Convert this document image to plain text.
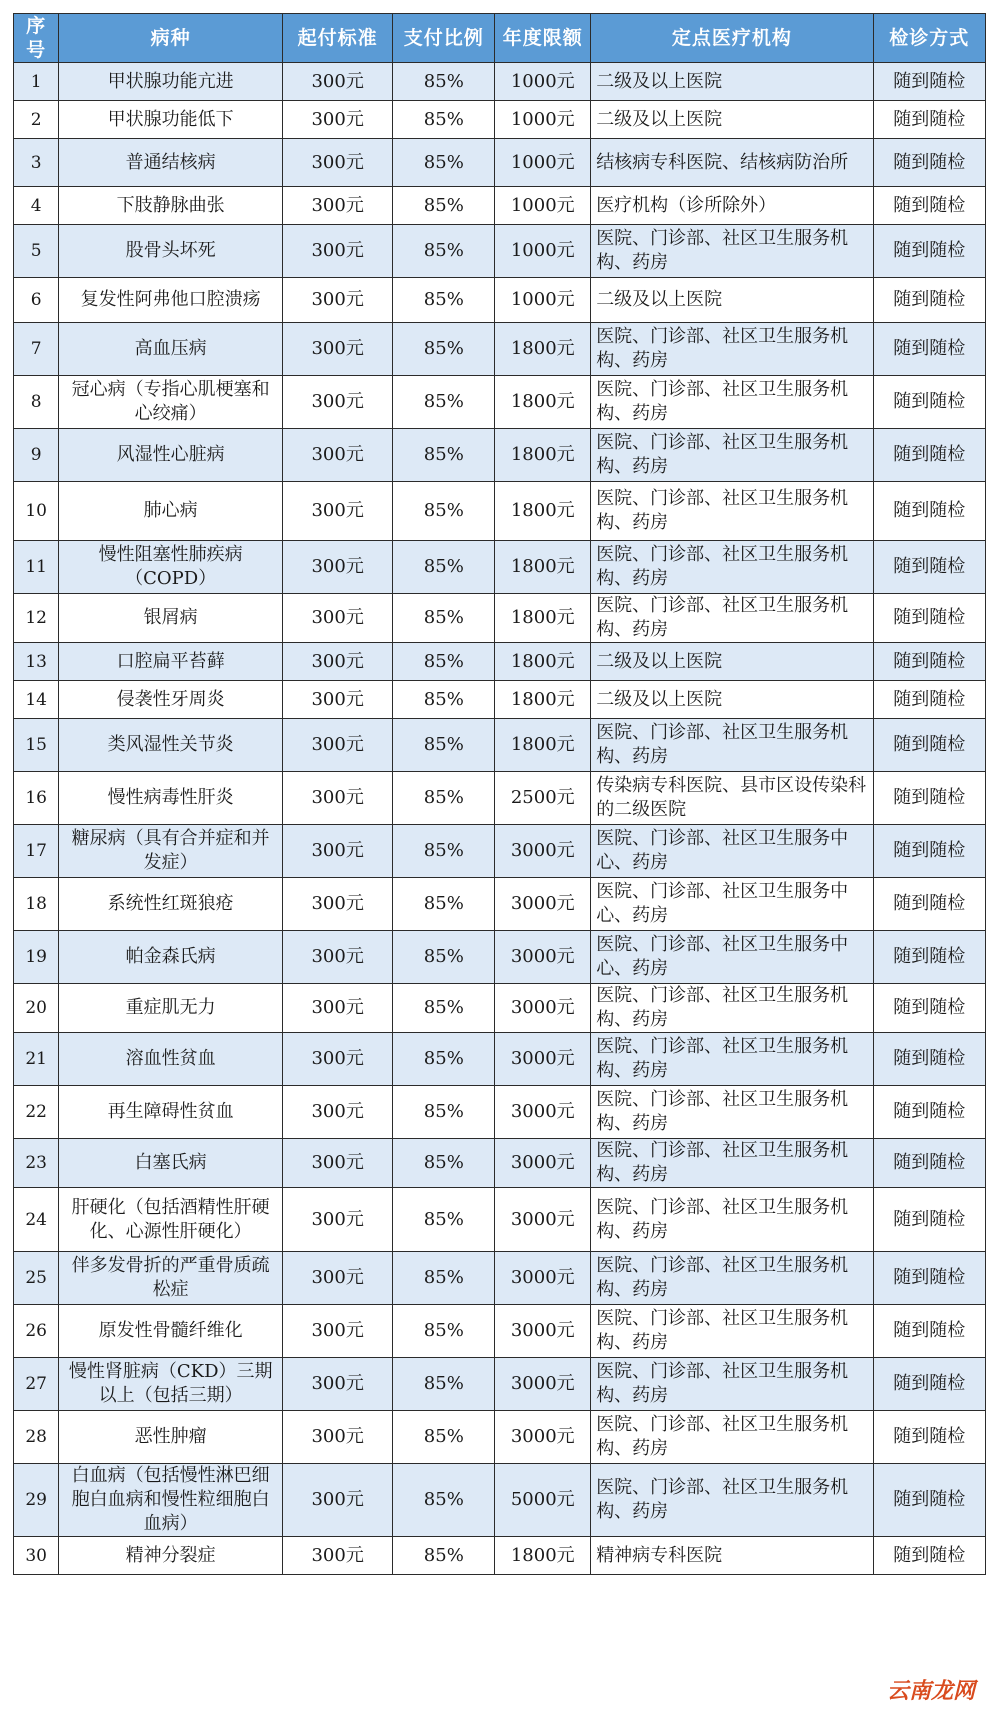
序号	病种	起付标准	支付比例	年度限额	定点医疗机构	检诊方式
1	甲状腺功能亢进	300元	85%	1000元	二级及以上医院	随到随检
2	甲状腺功能低下	300元	85%	1000元	二级及以上医院	随到随检
3	普通结核病	300元	85%	1000元	结核病专科医院、结核病防治所	随到随检
4	下肢静脉曲张	300元	85%	1000元	医疗机构（诊所除外）	随到随检
5	股骨头坏死	300元	85%	1000元	医院、门诊部、社区卫生服务机构、药房	随到随检
6	复发性阿弗他口腔溃疡	300元	85%	1000元	二级及以上医院	随到随检
7	高血压病	300元	85%	1800元	医院、门诊部、社区卫生服务机构、药房	随到随检
8	冠心病（专指心肌梗塞和心绞痛）	300元	85%	1800元	医院、门诊部、社区卫生服务机构、药房	随到随检
9	风湿性心脏病	300元	85%	1800元	医院、门诊部、社区卫生服务机构、药房	随到随检
10	肺心病	300元	85%	1800元	医院、门诊部、社区卫生服务机构、药房	随到随检
11	慢性阻塞性肺疾病（COPD）	300元	85%	1800元	医院、门诊部、社区卫生服务机构、药房	随到随检
12	银屑病	300元	85%	1800元	医院、门诊部、社区卫生服务机构、药房	随到随检
13	口腔扁平苔藓	300元	85%	1800元	二级及以上医院	随到随检
14	侵袭性牙周炎	300元	85%	1800元	二级及以上医院	随到随检
15	类风湿性关节炎	300元	85%	1800元	医院、门诊部、社区卫生服务机构、药房	随到随检
16	慢性病毒性肝炎	300元	85%	2500元	传染病专科医院、县市区设传染科的二级医院	随到随检
17	糖尿病（具有合并症和并发症）	300元	85%	3000元	医院、门诊部、社区卫生服务中心、药房	随到随检
18	系统性红斑狼疮	300元	85%	3000元	医院、门诊部、社区卫生服务中心、药房	随到随检
19	帕金森氏病	300元	85%	3000元	医院、门诊部、社区卫生服务中心、药房	随到随检
20	重症肌无力	300元	85%	3000元	医院、门诊部、社区卫生服务机构、药房	随到随检
21	溶血性贫血	300元	85%	3000元	医院、门诊部、社区卫生服务机构、药房	随到随检
22	再生障碍性贫血	300元	85%	3000元	医院、门诊部、社区卫生服务机构、药房	随到随检
23	白塞氏病	300元	85%	3000元	医院、门诊部、社区卫生服务机构、药房	随到随检
24	肝硬化（包括酒精性肝硬化、心源性肝硬化）	300元	85%	3000元	医院、门诊部、社区卫生服务机构、药房	随到随检
25	伴多发骨折的严重骨质疏松症	300元	85%	3000元	医院、门诊部、社区卫生服务机构、药房	随到随检
26	原发性骨髓纤维化	300元	85%	3000元	医院、门诊部、社区卫生服务机构、药房	随到随检
27	慢性肾脏病（CKD）三期以上（包括三期）	300元	85%	3000元	医院、门诊部、社区卫生服务机构、药房	随到随检
28	恶性肿瘤	300元	85%	3000元	医院、门诊部、社区卫生服务机构、药房	随到随检
29	白血病（包括慢性淋巴细胞白血病和慢性粒细胞白血病）	300元	85%	5000元	医院、门诊部、社区卫生服务机构、药房	随到随检
30	精神分裂症	300元	85%	1800元	精神病专科医院	随到随检
云南龙网
